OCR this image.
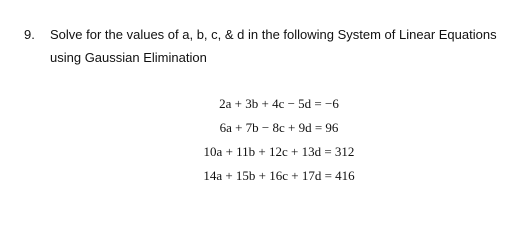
9. Solve for the values of a, b, c, & d in the following System of Linear Equations
using Gaussian Elimination
2a + 3b + 4c − 5d = −6
6a + 7b − 8c + 9d = 96
10a + 11b + 12c + 13d = 312
14a + 15b + 16c + 17d = 416
